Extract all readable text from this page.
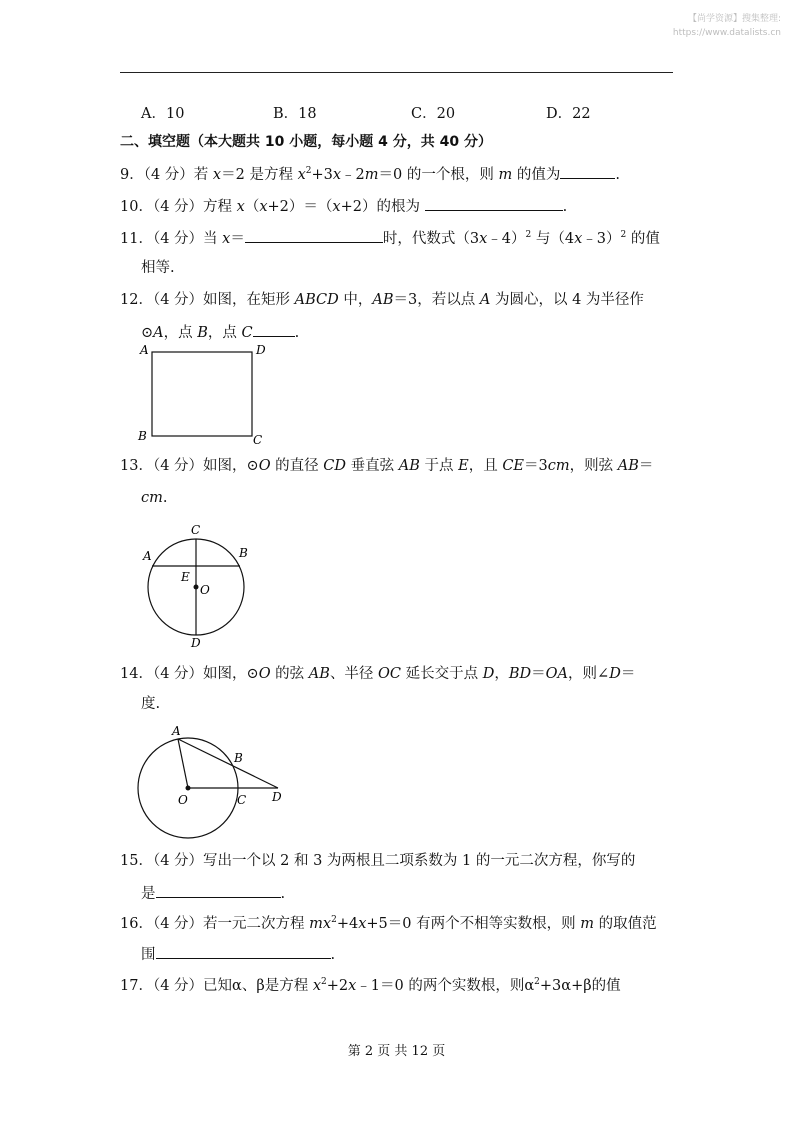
【尚学资源】搜集整理:
https://www.datalists.cn
A．10	B．18	C．20	D．22
二、填空题（本大题共 10 小题，每小题 4 分，共 40 分）
9．（4 分）若 x＝2 是方程 $x^2+3x﹣2m=0$ 的一个根，则 m 的值为	.
10．（4 分）方程 x（x+2）＝（x+2）的根为	.
11．（4 分）当 x＝	时，代数式（3x﹣4）$^2$ 与（4x﹣3）$^2$ 的值
相等.
12．（4 分）如图，在矩形 ABCD 中，AB＝3，若以点 A 为圆心，以 4 为半径作
⊙A，点 B，点 C	.
A	D
B	C
13．（4 分）如图，⊙O 的直径 CD 垂直弦 AB 于点 E，且 CE＝3cm，则弦 AB＝
cm.
A	B
C
E
O
D
14．（4 分）如图，⊙O 的弦 AB、半径 OC 延长交于点 D，BD＝OA，则∠D＝
度.
A
B
O	C D
15．（4 分）写出一个以 2 和 3 为两根且二项系数为 1 的一元二次方程，你写的
是	.
16．（4 分）若一元二次方程 $mx^2+4x+5=0$ 有两个不相等实数根，则 m 的取值范
围	.
17．（4 分）已知α、β是方程 $x^2+2x﹣1=0$ 的两个实数根，则$\alpha^2+3\alpha+\beta$的值
第 2 页 共 12 页
